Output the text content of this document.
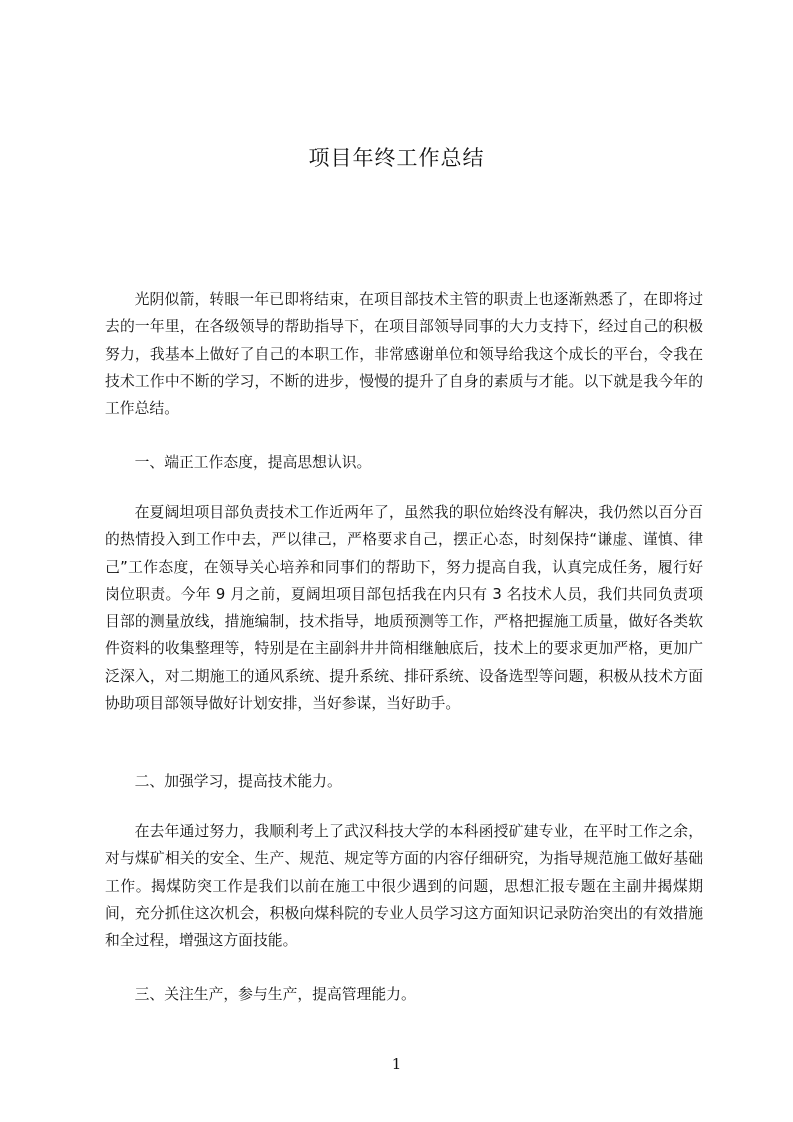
项目年终工作总结

光阴似箭，转眼一年已即将结束，在项目部技术主管的职责上也逐渐熟悉了，在即将过去的一年里，在各级领导的帮助指导下，在项目部领导同事的大力支持下，经过自己的积极努力，我基本上做好了自己的本职工作，非常感谢单位和领导给我这个成长的平台，令我在技术工作中不断的学习，不断的进步，慢慢的提升了自身的素质与才能。以下就是我今年的工作总结。

一、端正工作态度，提高思想认识。

在夏阔坦项目部负责技术工作近两年了，虽然我的职位始终没有解决，我仍然以百分百的热情投入到工作中去，严以律己，严格要求自己，摆正心态，时刻保持“谦虚、谨慎、律己”工作态度，在领导关心培养和同事们的帮助下，努力提高自我，认真完成任务，履行好岗位职责。今年 9 月之前，夏阔坦项目部包括我在内只有 3 名技术人员，我们共同负责项目部的测量放线，措施编制，技术指导，地质预测等工作，严格把握施工质量，做好各类软件资料的收集整理等，特别是在主副斜井井筒相继触底后，技术上的要求更加严格，更加广泛深入，对二期施工的通风系统、提升系统、排矸系统、设备选型等问题，积极从技术方面协助项目部领导做好计划安排，当好参谋，当好助手。

二、加强学习，提高技术能力。

在去年通过努力，我顺利考上了武汉科技大学的本科函授矿建专业，在平时工作之余，对与煤矿相关的安全、生产、规范、规定等方面的内容仔细研究，为指导规范施工做好基础工作。揭煤防突工作是我们以前在施工中很少遇到的问题，思想汇报专题在主副井揭煤期间，充分抓住这次机会，积极向煤科院的专业人员学习这方面知识记录防治突出的有效措施和全过程，增强这方面技能。

三、关注生产，参与生产，提高管理能力。

1
